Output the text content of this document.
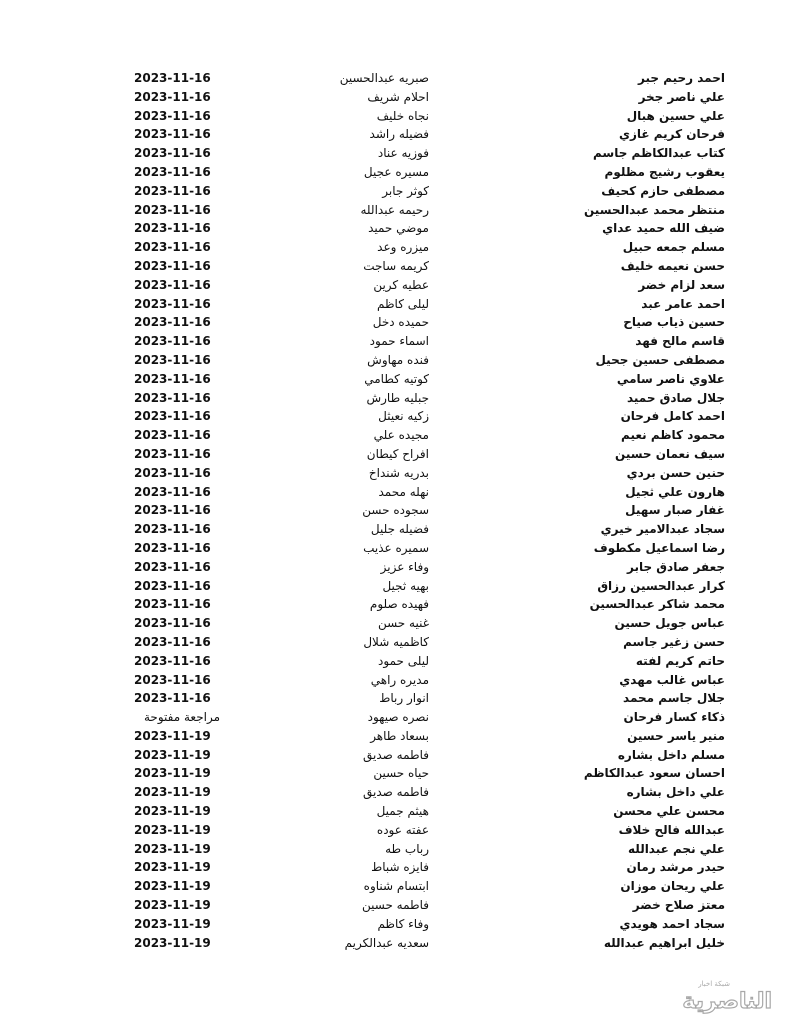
احمد رحيم جبر
صبريه عبدالحسين
2023-11-16
علي ناصر جخر
احلام شريف
2023-11-16
علي حسين هبال
نجاه خليف
2023-11-16
فرحان كريم غازي
فضيله راشد
2023-11-16
كتاب عبدالكاظم جاسم
فوزيه عناد
2023-11-16
يعقوب رشيج مظلوم
مسيره عجيل
2023-11-16
مصطفى حازم كحيف
كوثر جابر
2023-11-16
منتظر محمد عبدالحسين
رحيمه عبدالله
2023-11-16
ضيف الله حميد عداي
موضي حميد
2023-11-16
مسلم جمعه حبيل
ميزره وعد
2023-11-16
حسن نعيمه خليف
كريمه ساجت
2023-11-16
سعد لزام خضر
عطيه كرين
2023-11-16
احمد عامر عبد
ليلى كاظم
2023-11-16
حسين ذياب صياح
حميده دخل
2023-11-16
قاسم مالح فهد
اسماء حمود
2023-11-16
مصطفى حسين جحيل
فنده مهاوش
2023-11-16
علاوي ناصر سامي
كوتيه كطامي
2023-11-16
جلال صادق حميد
جبليه طارش
2023-11-16
احمد كامل فرحان
زكيه نعيثل
2023-11-16
محمود كاظم نعيم
مجيده علي
2023-11-16
سيف نعمان حسين
افراح كيطان
2023-11-16
حنين حسن بردي
بدريه شنداخ
2023-11-16
هارون علي ثجيل
نهله محمد
2023-11-16
غفار صبار سهيل
سجوده حسن
2023-11-16
سجاد عبدالامير خيري
فضيله جليل
2023-11-16
رضا اسماعيل مكطوف
سميره عذيب
2023-11-16
جعفر صادق جابر
وفاء عزيز
2023-11-16
كرار عبدالحسين رزاق
بهيه ثجيل
2023-11-16
محمد شاكر عبدالحسين
فهيده صلوم
2023-11-16
عباس جويل حسين
غنيه حسن
2023-11-16
حسن زغير جاسم
كاظميه شلال
2023-11-16
حاتم كريم لفته
ليلى حمود
2023-11-16
عباس غالب مهدي
مديره راهي
2023-11-16
جلال جاسم محمد
انوار رباط
2023-11-16
ذكاء كسار فرحان
نصره صيهود
مراجعة مفتوحة
منير ياسر حسين
بسعاد طاهر
2023-11-19
مسلم داخل بشاره
فاطمه صديق
2023-11-19
احسان سعود عبدالكاظم
حياه حسين
2023-11-19
علي داخل بشاره
فاطمه صديق
2023-11-19
محسن علي محسن
هيثم جميل
2023-11-19
عبدالله فالح خلاف
عفته عوده
2023-11-19
علي نجم عبدالله
رباب طه
2023-11-19
حيدر مرشد رمان
فايزه شباط
2023-11-19
علي ريحان موزان
ابتسام شناوه
2023-11-19
معتز صلاح خضر
فاطمه حسين
2023-11-19
سجاد احمد هويدي
وفاء كاظم
2023-11-19
خليل ابراهيم عبدالله
سعديه عبدالكريم
2023-11-19
شبكة اخبار
الناصرية
